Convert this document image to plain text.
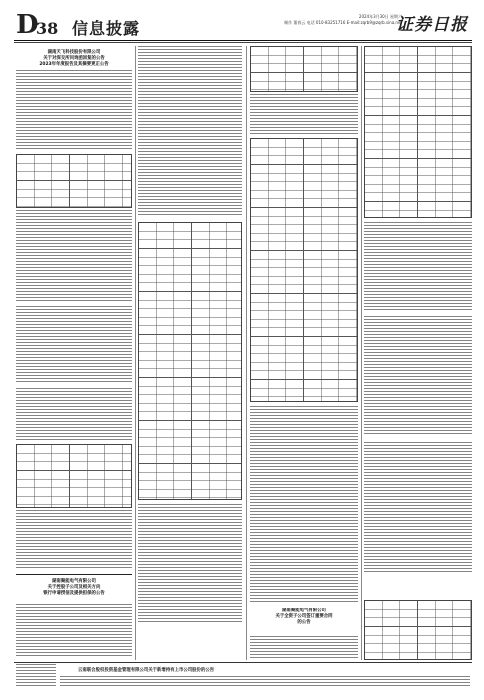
D
38 信息披露
2024年3月30日 星期六
制作 董春云 电话 010-83251716 E-mail:zqrb9@zqrb.sina.net
证券日报
湖南天飞科技股份有限公司
关于对深交所问询函回复的公告
2023年年度报告及其摘要更正公告
湖南聚能电气有限公司
关于控股子公司及相关方向
银行申请授信及提供担保的公告
湖南聚能电气有限公司
关于全资子公司签订重要合同
的公告
云南联合股权投资基金管理有限公司关于新增持有上市公司股份的公告
